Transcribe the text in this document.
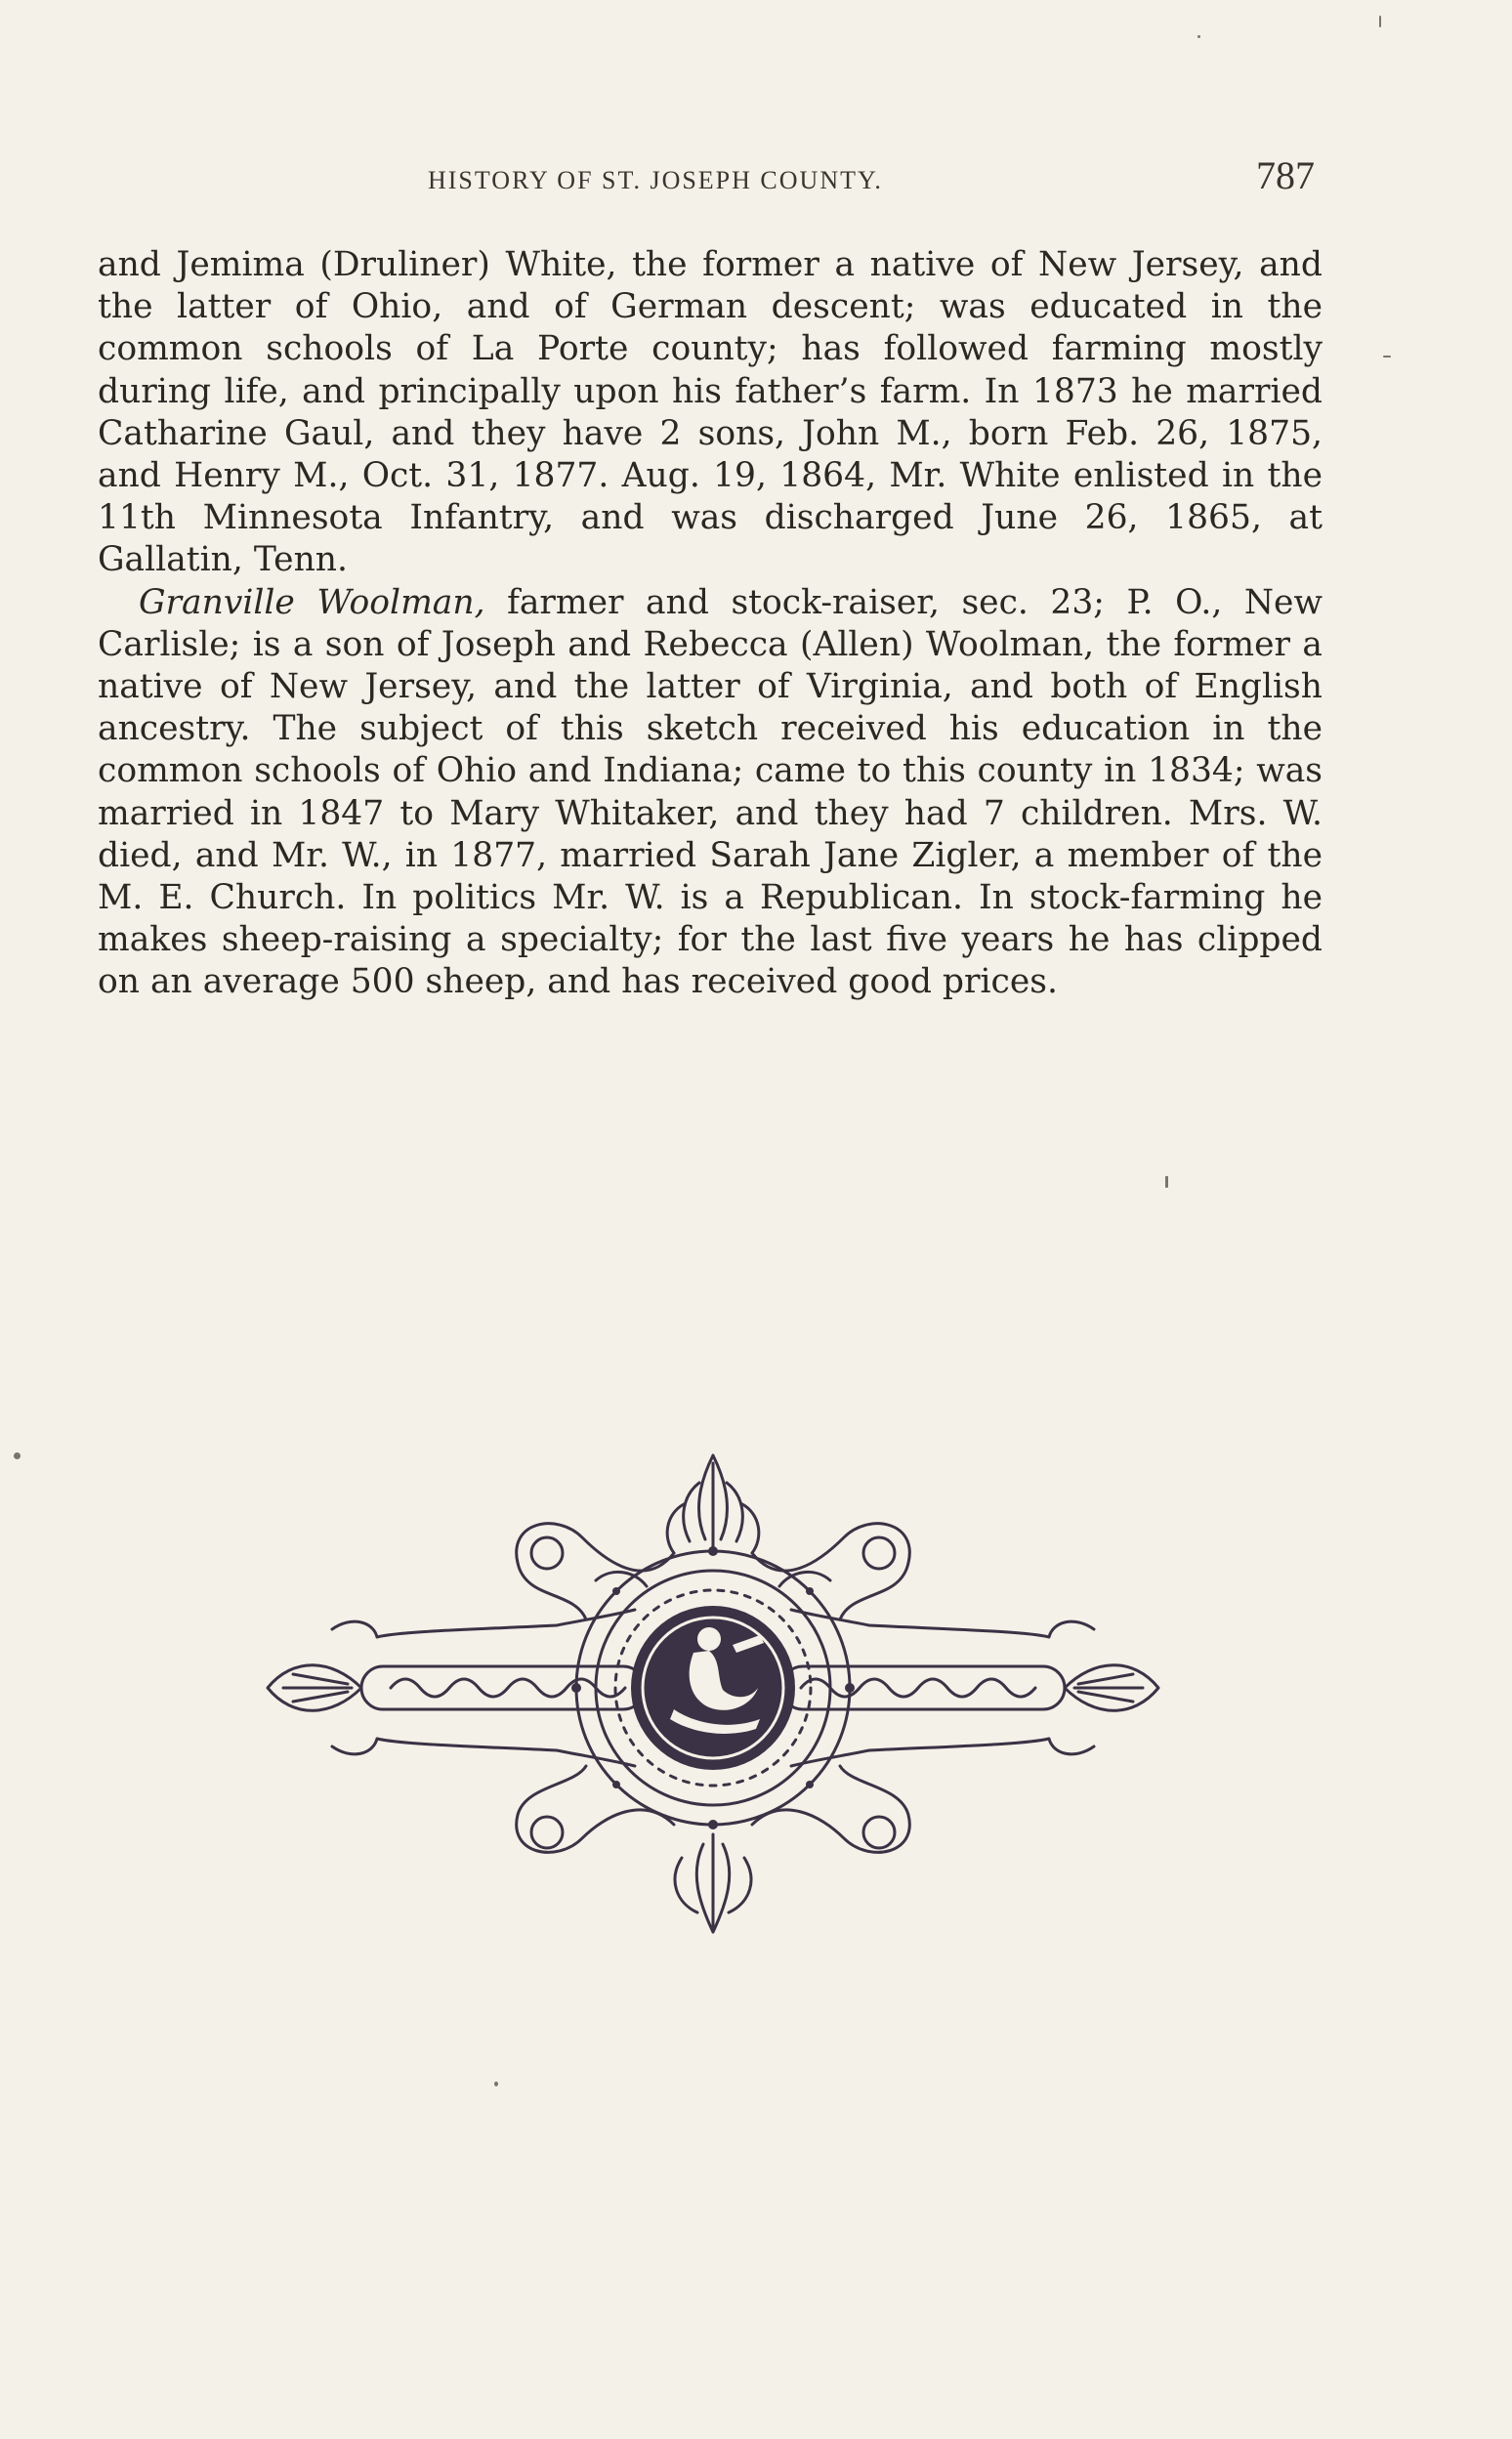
HISTORY OF ST. JOSEPH COUNTY.	787

and Jemima (Druliner) White, the former a native of New Jersey, and the latter of Ohio, and of German descent; was educated in the common schools of La Porte county; has followed farming mostly during life, and principally upon his father’s farm. In 1873 he married Catharine Gaul, and they have 2 sons, John M., born Feb. 26, 1875, and Henry M., Oct. 31, 1877. Aug. 19, 1864, Mr. White enlisted in the 11th Minnesota Infantry, and was discharged June 26, 1865, at Gallatin, Tenn.

Granville Woolman, farmer and stock-raiser, sec. 23; P. O., New Carlisle; is a son of Joseph and Rebecca (Allen) Woolman, the former a native of New Jersey, and the latter of Virginia, and both of English ancestry. The subject of this sketch received his education in the common schools of Ohio and Indiana; came to this county in 1834; was married in 1847 to Mary Whitaker, and they had 7 children. Mrs. W. died, and Mr. W., in 1877, married Sarah Jane Zigler, a member of the M. E. Church. In politics Mr. W. is a Republican. In stock-farming he makes sheep-raising a specialty; for the last five years he has clipped on an average 500 sheep, and has received good prices.
